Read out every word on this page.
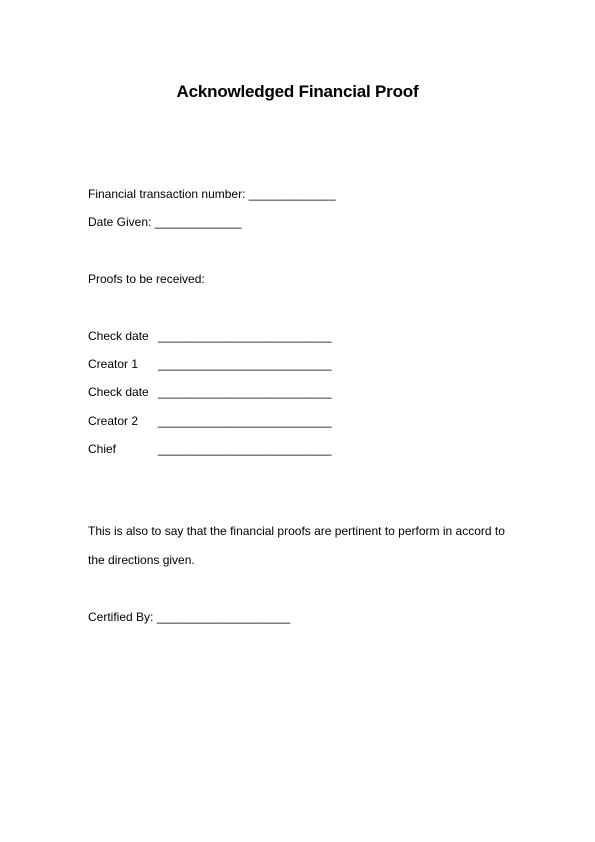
Acknowledged Financial Proof
Financial transaction number: _____________
Date Given: _____________
Proofs to be received:
Check date __________________________
Creator 1 __________________________
Check date __________________________
Creator 2 __________________________
Chief	__________________________
This is also to say that the financial proofs are pertinent to perform in accord to
the directions given.
Certified By: ____________________
